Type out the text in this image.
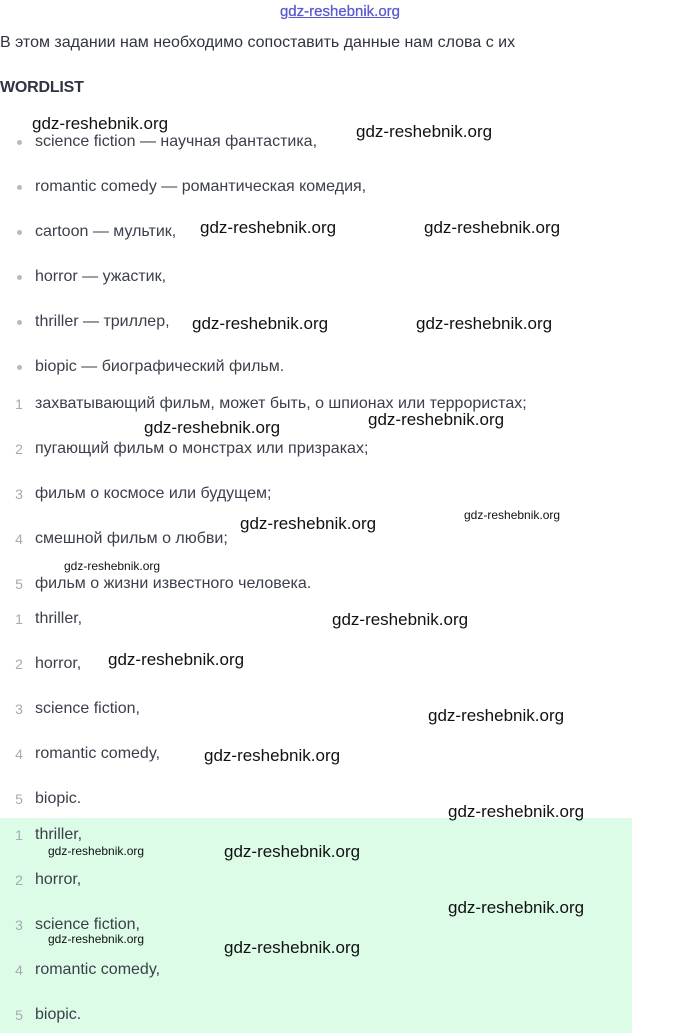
gdz-reshebnik.org
В этом задании нам необходимо сопоставить данные нам слова с их
WORDLIST
science fiction — научная фантастика,
romantic comedy — романтическая комедия,
cartoon — мультик,
horror — ужастик,
thriller — триллер,
biopic — биографический фильм.
1 захватывающий фильм, может быть, о шпионах или террористах;
2 пугающий фильм о монстрах или призраках;
3 фильм о космосе или будущем;
4 смешной фильм о любви;
5 фильм о жизни известного человека.
1 thriller,
2 horror,
3 science fiction,
4 romantic comedy,
5 biopic.
1 thriller,
2 horror,
3 science fiction,
4 romantic comedy,
5 biopic.
gdz-reshebnik.org	gdz-reshebnik.org
gdz-reshebnik.org	gdz-reshebnik.org
gdz-reshebnik.org	gdz-reshebnik.org
gdz-reshebnik.org
gdz-reshebnik.org
gdz-reshebnik.org	gdz-reshebnik.org
gdz-reshebnik.org
gdz-reshebnik.org
gdz-reshebnik.org
gdz-reshebnik.org
gdz-reshebnik.org
gdz-reshebnik.org
gdz-reshebnik.org	gdz-reshebnik.org
gdz-reshebnik.org
gdz-reshebnik.org	gdz-reshebnik.org
